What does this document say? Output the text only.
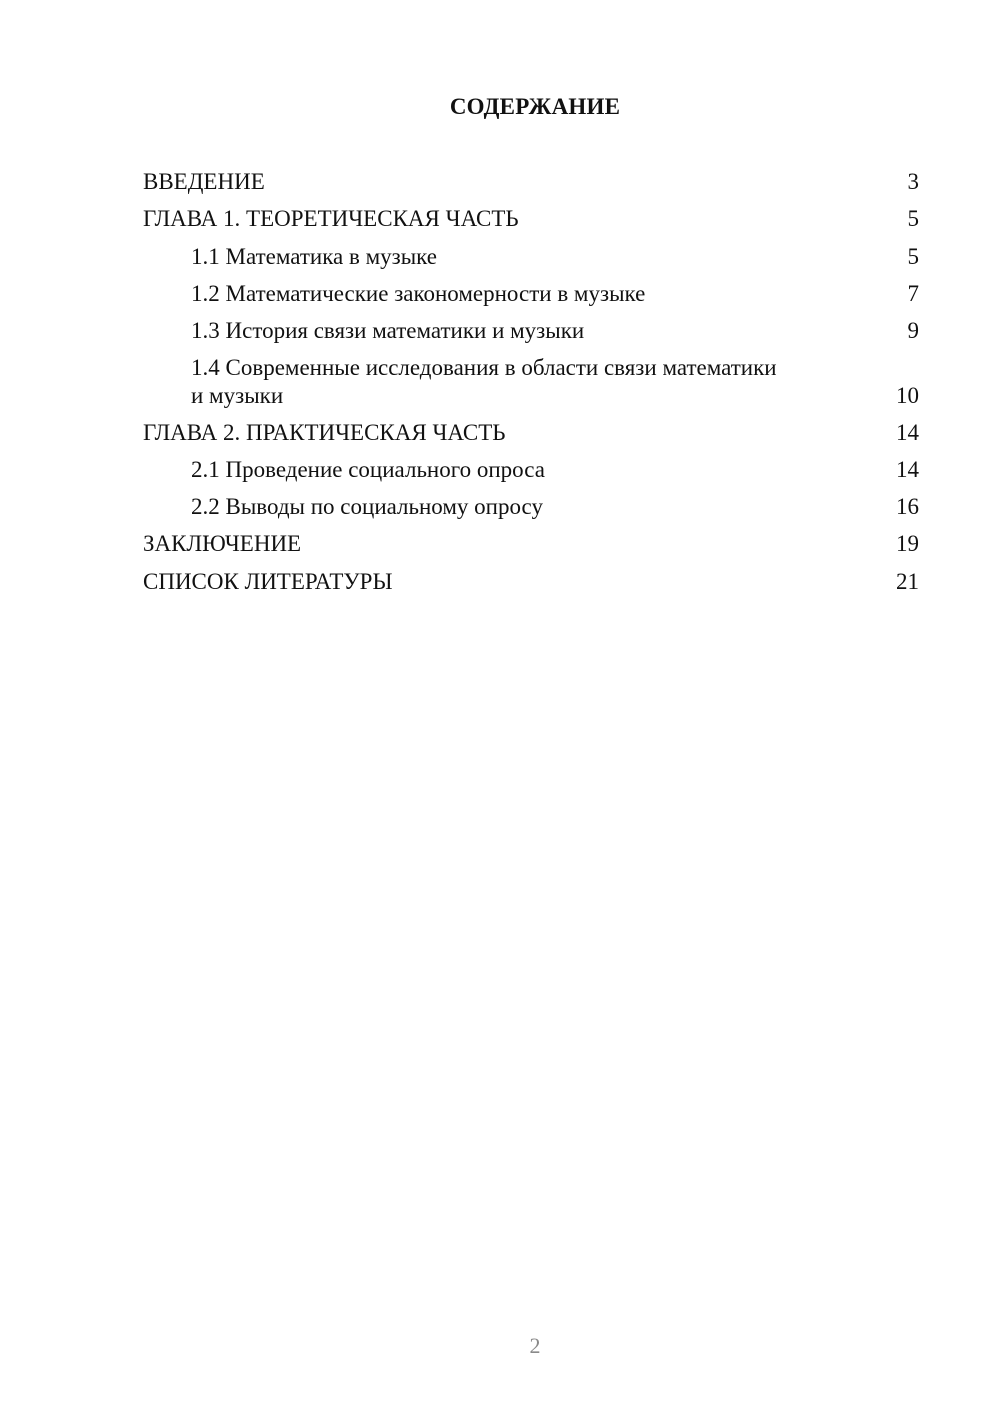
СОДЕРЖАНИЕ
ВВЕДЕНИЕ	3
ГЛАВА 1. ТЕОРЕТИЧЕСКАЯ ЧАСТЬ	5
1.1 Математика в музыке	5
1.2 Математические закономерности в музыке	7
1.3 История связи математики и музыки	9
1.4 Современные исследования в области связи математики
и музыки	10
ГЛАВА 2. ПРАКТИЧЕСКАЯ ЧАСТЬ	14
2.1 Проведение социального опроса	14
2.2 Выводы по социальному опросу	16
ЗАКЛЮЧЕНИЕ	19
СПИСОК ЛИТЕРАТУРЫ	21
2
